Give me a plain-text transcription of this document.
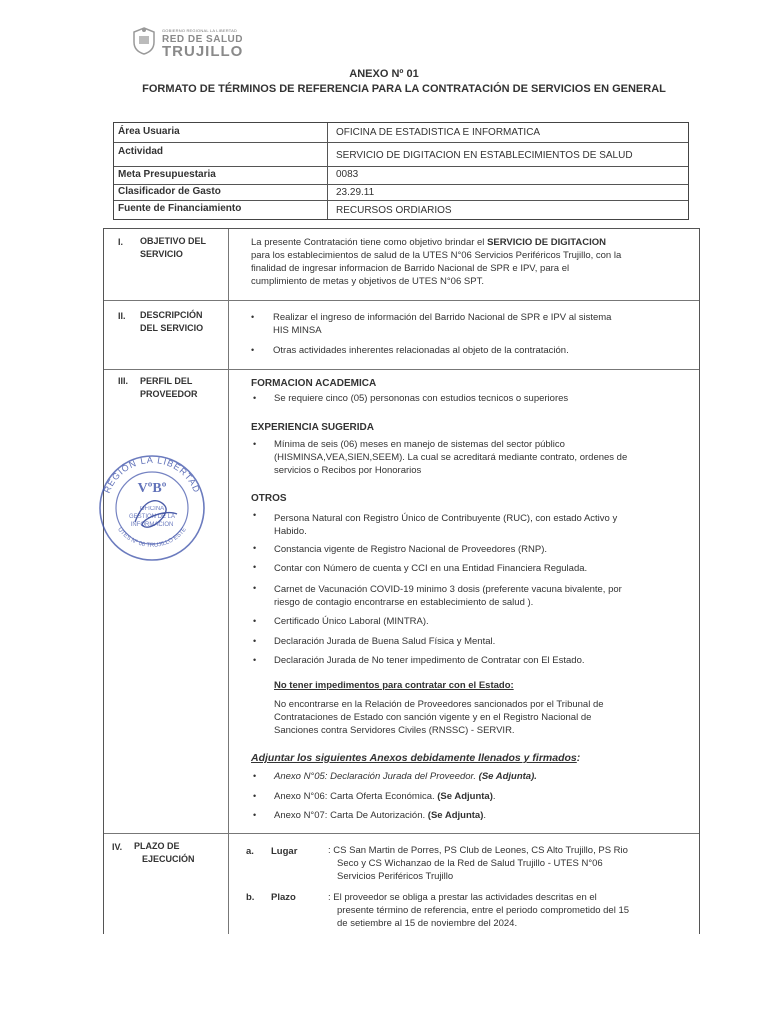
GOBIERNO REGIONAL LA LIBERTAD
RED DE SALUD
TRUJILLO
ANEXO Nº 01
FORMATO DE TÉRMINOS DE REFERENCIA PARA LA CONTRATACIÓN DE SERVICIOS EN GENERAL
Área Usuaria	OFICINA DE ESTADISTICA E INFORMATICA
Actividad	SERVICIO DE DIGITACION EN ESTABLECIMIENTOS DE SALUD
Meta Presupuestaria	0083
Clasificador de Gasto	23.29.11
Fuente de Financiamiento	RECURSOS ORDIARIOS
I. OBJETIVO DEL
SERVICIO
La presente Contratación tiene como objetivo brindar el SERVICIO DE DIGITACION
para los establecimientos de salud de la UTES N°06 Servicios Periféricos Trujillo, con la
finalidad de ingresar informacion de Barrido Nacional de SPR e IPV, para el
cumplimiento de metas y objetivos de UTES N°06 SPT.
II. DESCRIPCIÓN
DEL SERVICIO
• Realizar el ingreso de información del Barrido Nacional de SPR e IPV al sistema
HIS MINSA
• Otras actividades inherentes relacionadas al objeto de la contratación.
III. PERFIL DEL
PROVEEDOR
FORMACION ACADEMICA
• Se requiere cinco (05) persononas con estudios tecnicos o superiores
EXPERIENCIA SUGERIDA
• Mínima de seis (06) meses en manejo de sistemas del sector público
(HISMINSA,VEA,SIEN,SEEM). La cual se acreditará mediante contrato, ordenes de
servicios o Recibos por Honorarios
OTROS
• Persona Natural con Registro Único de Contribuyente (RUC), con estado Activo y
Habido.
• Constancia vigente de Registro Nacional de Proveedores (RNP).
• Contar con Número de cuenta y CCI en una Entidad Financiera Regulada.
• Carnet de Vacunación COVID-19 minimo 3 dosis (preferente vacuna bivalente, por
riesgo de contagio encontrarse en establecimiento de salud ).
• Certificado Único Laboral (MINTRA).
• Declaración Jurada de Buena Salud Física y Mental.
• Declaración Jurada de No tener impedimento de Contratar con El Estado.
No tener impedimentos para contratar con el Estado:
No encontrarse en la Relación de Proveedores sancionados por el Tribunal de
Contrataciones de Estado con sanción vigente y en el Registro Nacional de
Sanciones contra Servidores Civiles (RNSSC) - SERVIR.
Adjuntar los siguientes Anexos debidamente llenados y firmados:
• Anexo N°05: Declaración Jurada del Proveedor. (Se Adjunta).
• Anexo N°06: Carta Oferta Económica. (Se Adjunta).
• Anexo N°07: Carta De Autorización. (Se Adjunta).
IV. PLAZO DE
EJECUCIÓN
a. Lugar	: CS San Martin de Porres, PS Club de Leones, CS Alto Trujillo, PS Rio
Seco y CS Wichanzao de la Red de Salud Trujillo - UTES N°06
Servicios Periféricos Trujillo
b. Plazo	: El proveedor se obliga a prestar las actividades descritas en el
presente término de referencia, entre el periodo comprometido del 15
de setiembre al 15 de noviembre del 2024.
REGIÓN LA LIBERTAD
UTES Nº 06 TRUJILLO ESTE
VºBº
OFICINA
GESTIÓN DE LA
INFORMACIÓN
